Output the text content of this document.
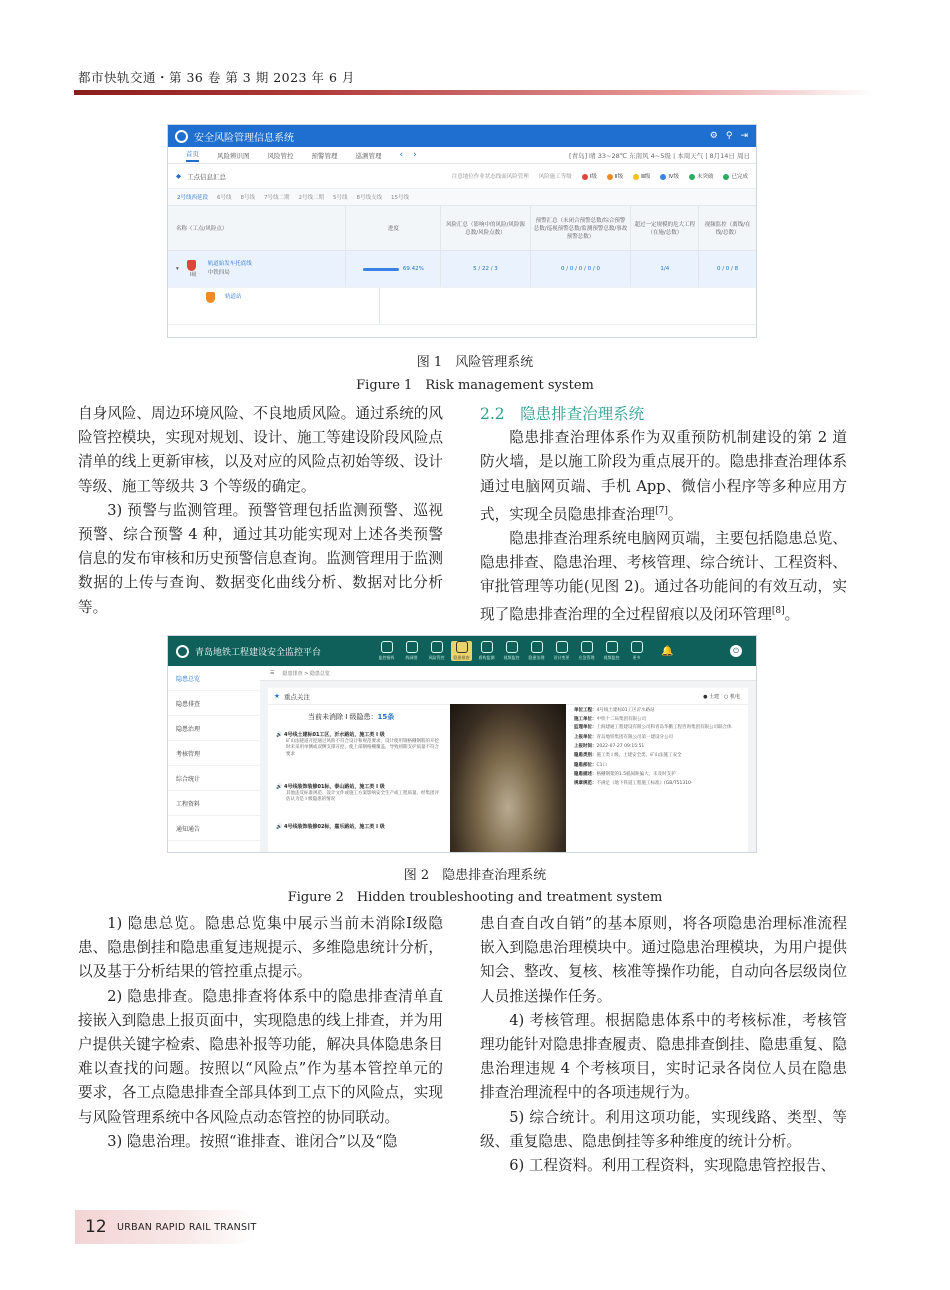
都市快轨交通・第 36 卷 第 3 期 2023 年 6 月
安全风险管理信息系统	⚙ ⚲ ⇥
首页	风险辨识图	风险管控	预警管理	巡测管理 ‹ ›	[青岛] 晴 33~28℃ 东南风 4~5级 | 本周天气 | 8月14日 周日
◆ 工点信息汇总	注意地位作业状态线面风险管理 风险施工等级	Ⅰ级	Ⅱ级	Ⅲ级	Ⅳ级	未突破	已完成
2号线西延段 6号线 8号线 7号线二期 2号线二期 5号线 8号线支线 15号线
名称（工点/风险点）	进度
风险汇总（影响中的风险/风险源总数/风险点数）
预警汇总（未闭合预警总数/综合预警总数/巡视预警总数/监测预警总数/事故预警总数）
超过一定规模的危大工程（在施/总数）
视频监控（离线/在线/总数）
▾
I级
轨道始发车托底线
中铁四局
69.42%	5 / 22 / 3	0 / 0 / 0 / 0 / 0	1/4	0 / 0 / 8
轨道站
图 1　风险管理系统
Figure 1　Risk management system

自身风险、周边环境风险、不良地质风险。通过系统的风险管控模块，实现对规划、设计、施工等建设阶段风险点清单的线上更新审核，以及对应的风险点初始等级、设计等级、施工等级共 3 个等级的确定。

3) 预警与监测管理。预警管理包括监测预警、巡视预警、综合预警 4 种，通过其功能实现对上述各类预警信息的发布审核和历史预警信息查询。监测管理用于监测数据的上传与查询、数据变化曲线分析、数据对比分析等。

2.2　隐患排查治理系统

隐患排查治理体系作为双重预防机制建设的第 2 道防火墙，是以施工阶段为重点展开的。隐患排查治理体系通过电脑网页端、手机 App、微信小程序等多种应用方式，实现全员隐患排查治理[7]。

隐患排查治理系统电脑网页端，主要包括隐患总览、隐患排查、隐患治理、考核管理、综合统计、工程资料、审批管理等功能(见图 2)。通过各功能间的有效互动，实现了隐患排查治理的全过程留痕以及闭环管理[8]。

青岛地铁工程建设安全监控平台	监控指挥	线网图	风险管控	隐患排查	盾构监测	视频监控	隐患治理	设计变更	应急管理	视频监控	更多
🔔	⏻
隐患总览
隐患排查
隐患治理
考核管理
综合统计
工程资料
通知通告
☰ 隐患排查 > 隐患总览
★ 重点关注	● 土建　○ 机电
当前未消除 I 级隐患：15条
🔊 4号线土建标01工区，沂水路站，施工类 I 级
矿山法隧道开挖通过风险不符合设计和规范要求，设计使用钢格栅钢筋的开挖时未采用单侧或双侧支撑开挖，使上部钢格栅覆盖，导致初期支护质量不符合要求
🔊 4号线装饰装修01标，泰山路站，施工类 I 级
其他违反标准规范、设计文件或施工方案影响安全生产或工程质量，经集团评估认为是 I 级隐患的情况
🔊 4号线装饰装修02标，嘉乐路站，施工类 I 级
单位工程：4号线土建标01工区沂水路站
施工单位：中铁十二局集团有限公司
监理单位：上海建通工程建设有限公司和青岛华鹏工程咨询集团有限公司联合体
上报单位：青岛地铁集团有限公司第一建设分公司
上报时间：2022-07-27 09:15:51
隐患类别：施工类 I 级，土建安全类，矿山法施工安全
隐患部位：C1口
隐患描述：格栅钢架的1.5榀间距偏大，未及时支护
规章规范：不满足《地下铁道工程施工标准》(GB/T51310-
图 2　隐患排查治理系统
Figure 2　Hidden troubleshooting and treatment system

1) 隐患总览。隐患总览集中展示当前未消除Ⅰ级隐患、隐患倒挂和隐患重复违规提示、多维隐患统计分析，以及基于分析结果的管控重点提示。

2) 隐患排查。隐患排查将体系中的隐患排查清单直接嵌入到隐患上报页面中，实现隐患的线上排查，并为用户提供关键字检索、隐患补报等功能，解决具体隐患条目难以查找的问题。按照以“风险点”作为基本管控单元的要求，各工点隐患排查全部具体到工点下的风险点，实现与风险管理系统中各风险点动态管控的协同联动。

3) 隐患治理。按照“谁排查、谁闭合”以及“隐

患自查自改自销”的基本原则，将各项隐患治理标准流程嵌入到隐患治理模块中。通过隐患治理模块，为用户提供知会、整改、复核、核准等操作功能，自动向各层级岗位人员推送操作任务。

4) 考核管理。根据隐患体系中的考核标准，考核管理功能针对隐患排查履责、隐患排查倒挂、隐患重复、隐患治理违规 4 个考核项目，实时记录各岗位人员在隐患排查治理流程中的各项违规行为。

5) 综合统计。利用这项功能，实现线路、类型、等级、重复隐患、隐患倒挂等多种维度的统计分析。

6) 工程资料。利用工程资料，实现隐患管控报告、

12 URBAN RAPID RAIL TRANSIT
